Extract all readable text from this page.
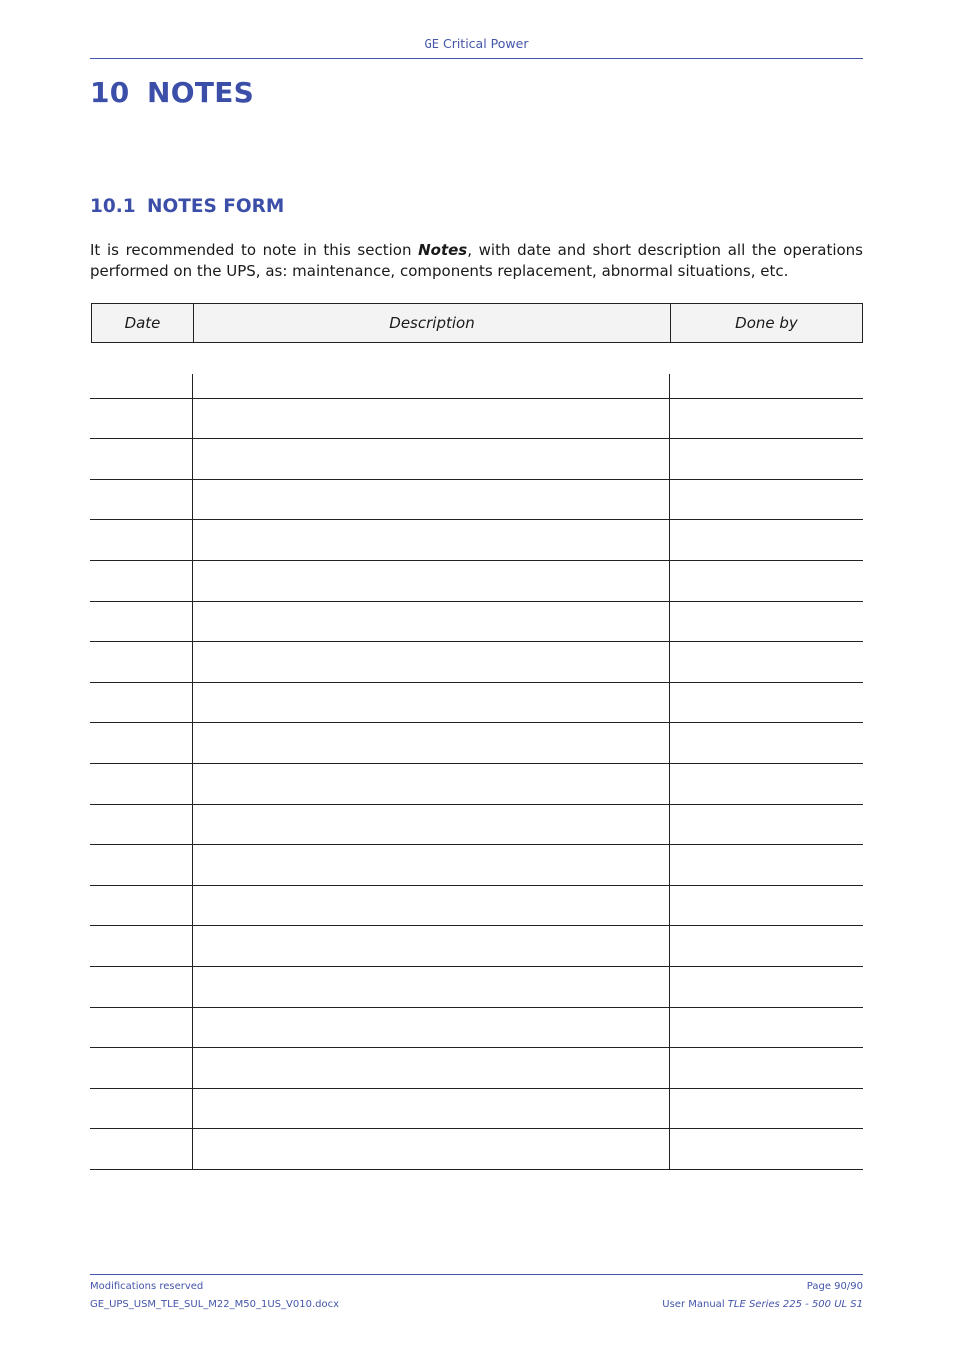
GE Critical Power
10 NOTES
10.1 NOTES FORM

It is recommended to note in this section Notes, with date and short description all the operations performed on the UPS, as: maintenance, components replacement, abnormal situations, etc.

Date	Description	Done by
Modifications reserved	Page 90/90
GE_UPS_USM_TLE_SUL_M22_M50_1US_V010.docx	User Manual TLE Series 225 - 500 UL S1
